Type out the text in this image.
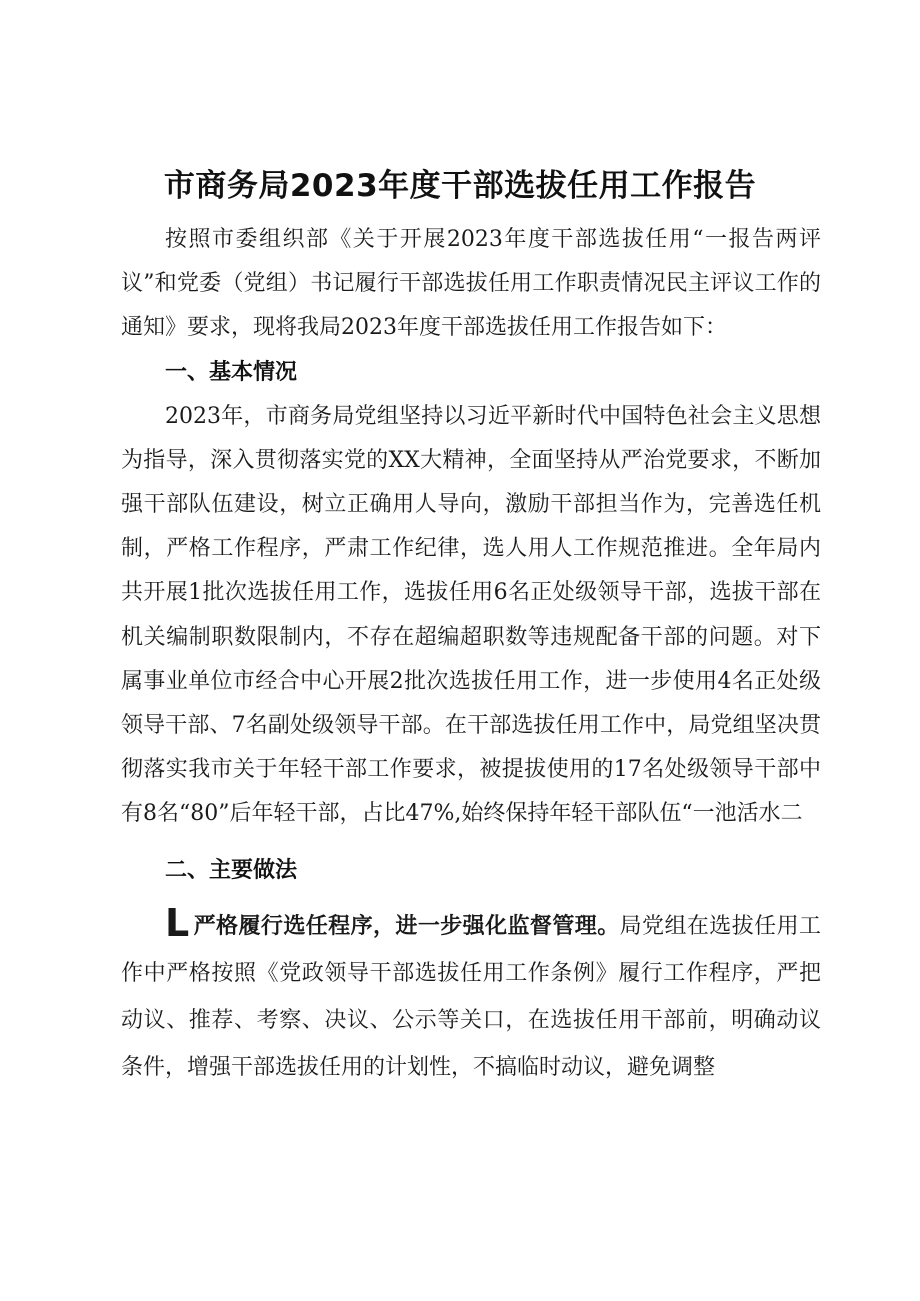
市商务局2023年度干部选拔任用工作报告

按照市委组织部《关于开展2023年度干部选拔任用“一报告两评议”和党委（党组）书记履行干部选拔任用工作职责情况民主评议工作的通知》要求，现将我局2023年度干部选拔任用工作报告如下：

一、基本情况

2023年，市商务局党组坚持以习近平新时代中国特色社会主义思想为指导，深入贯彻落实党的XX大精神，全面坚持从严治党要求，不断加强干部队伍建设，树立正确用人导向，激励干部担当作为，完善选任机制，严格工作程序，严肃工作纪律，选人用人工作规范推进。全年局内共开展1批次选拔任用工作，选拔任用6名正处级领导干部，选拔干部在机关编制职数限制内，不存在超编超职数等违规配备干部的问题。对下属事业单位市经合中心开展2批次选拔任用工作，进一步使用4名正处级领导干部、7名副处级领导干部。在干部选拔任用工作中，局党组坚决贯彻落实我市关于年轻干部工作要求，被提拔使用的17名处级领导干部中有8名“80”后年轻干部，占比47%,始终保持年轻干部队伍“一池活水二

二、主要做法

L严格履行选任程序，进一步强化监督管理。局党组在选拔任用工作中严格按照《党政领导干部选拔任用工作条例》履行工作程序，严把动议、推荐、考察、决议、公示等关口，在选拔任用干部前，明确动议条件，增强干部选拔任用的计划性，不搞临时动议，避免调整
